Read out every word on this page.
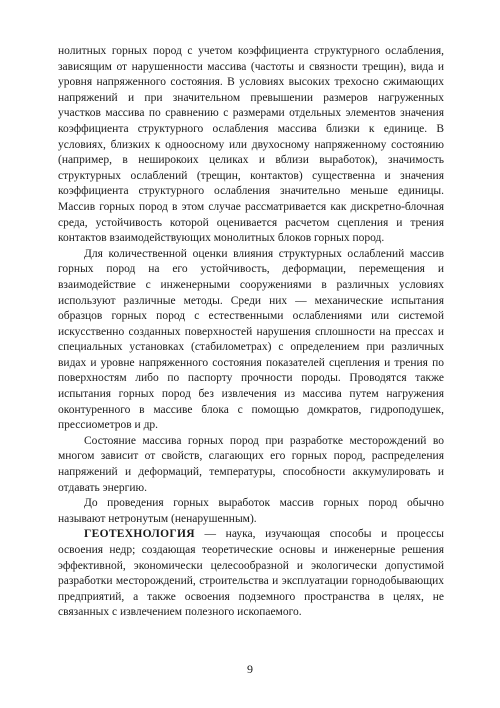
нолитных горных пород с учетом коэффициента структурного ослабления, зависящим от нарушенности массива (частоты и связности трещин), вида и уровня напряженного состояния. В условиях высоких трехосно сжимающих напряжений и при значительном превышении размеров нагруженных участков массива по сравнению с размерами отдельных элементов значения коэффициента структурного ослабления массива близки к единице. В условиях, близких к одноосному или двухосному напряженному состоянию (например, в неширокоих целиках и вблизи выработок), значимость структурных ослаблений (трещин, контактов) существенна и значения коэффициента структурного ослабления значительно меньше единицы. Массив горных пород в этом случае рассматривается как дискретно-блочная среда, устойчивость которой оценивается расчетом сцепления и трения контактов взаимодействующих монолитных блоков горных пород.

Для количественной оценки влияния структурных ослаблений массив горных пород на его устойчивость, деформации, перемещения и взаимодействие с инженерными сооружениями в различных условиях используют различные методы. Среди них — механические испытания образцов горных пород с естественными ослаблениями или системой искусственно созданных поверхностей нарушения сплошности на прессах и специальных установках (стабилометрах) с определением при различных видах и уровне напряженного состояния показателей сцепления и трения по поверхностям либо по паспорту прочности породы. Проводятся также испытания горных пород без извлечения из массива путем нагружения оконтуренного в массиве блока с помощью домкратов, гидроподушек, прессиометров и др.

Состояние массива горных пород при разработке месторождений во многом зависит от свойств, слагающих его горных пород, распределения напряжений и деформаций, температуры, способности аккумулировать и отдавать энергию.

До проведения горных выработок массив горных пород обычно называют нетронутым (ненарушенным).

ГЕОТЕХНОЛОГИЯ — наука, изучающая способы и процессы освоения недр; создающая теоретические основы и инженерные решения эффективной, экономически целесообразной и экологически допустимой разработки месторождений, строительства и эксплуатации горнодобывающих предприятий, а также освоения подземного пространства в целях, не связанных с извлечением полезного ископаемого.

9
